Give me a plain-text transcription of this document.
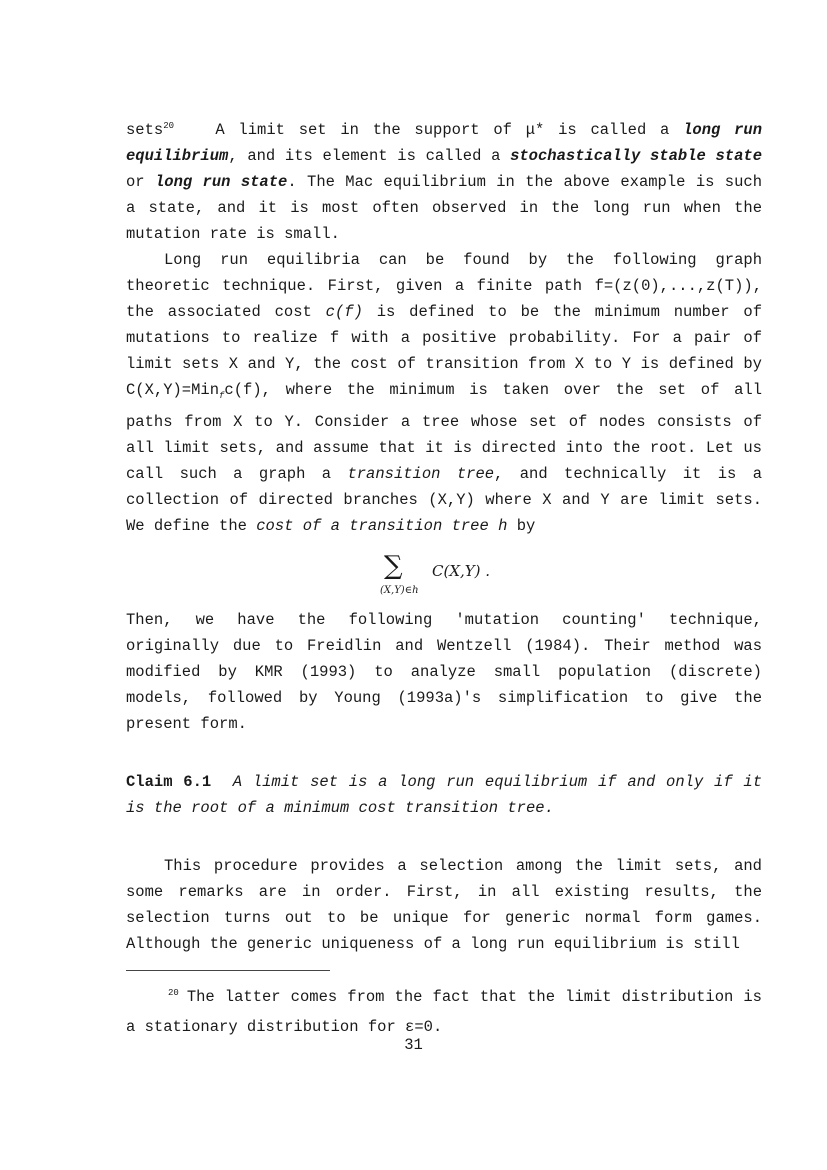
sets$^{20}$   A limit set in the support of μ* is called a long run equilibrium, and its element is called a stochastically stable state or long run state. The Mac equilibrium in the above example is such a state, and it is most often observed in the long run when the mutation rate is small.

Long run equilibria can be found by the following graph theoretic technique. First, given a finite path f=(z(0),...,z(T)), the associated cost c(f) is defined to be the minimum number of mutations to realize f with a positive probability. For a pair of limit sets X and Y, the cost of transition from X to Y is defined by C(X,Y)=Min$_f$c(f), where the minimum is taken over the set of all paths from X to Y. Consider a tree whose set of nodes consists of all limit sets, and assume that it is directed into the root. Let us call such a graph a transition tree, and technically it is a collection of directed branches (X,Y) where X and Y are limit sets. We define the cost of a transition tree h by

∑
(X,Y)∈h
C(X,Y) .

Then, we have the following 'mutation counting' technique, originally due to Freidlin and Wentzell (1984). Their method was modified by KMR (1993) to analyze small population (discrete) models, followed by Young (1993a)'s simplification to give the present form.

Claim 6.1  A limit set is a long run equilibrium if and only if it is the root of a minimum cost transition tree.

This procedure provides a selection among the limit sets, and some remarks are in order. First, in all existing results, the selection turns out to be unique for generic normal form games. Although the generic uniqueness of a long run equilibrium is still

$^{20}$ The latter comes from the fact that the limit distribution is a stationary distribution for ε=0.
31
